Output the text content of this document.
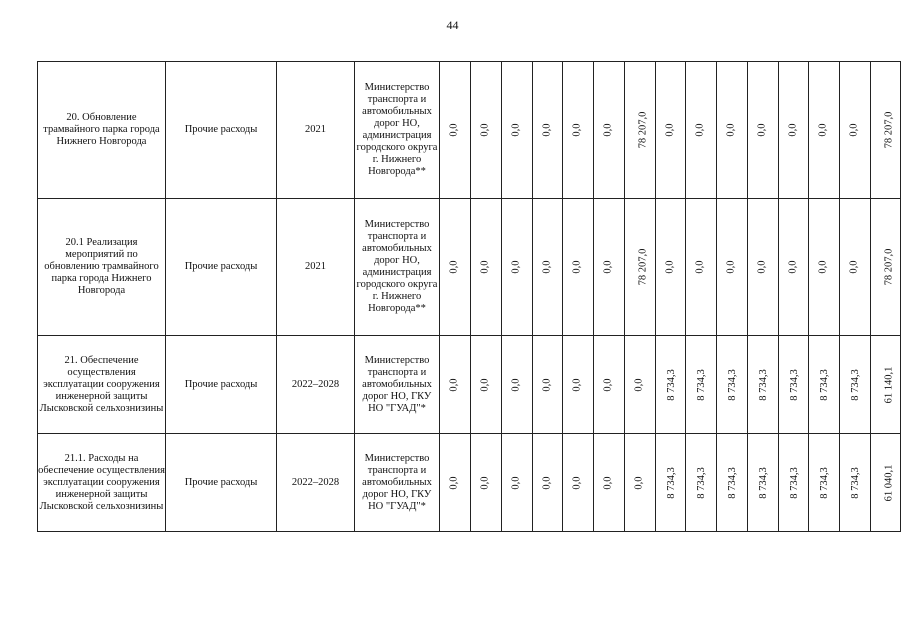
44
20. Обновление трамвайного парка города Нижнего Новгорода	Прочие расходы	2021	Министерство транспорта и автомобильных дорог НО, администрация городского округа г. Нижнего Новгорода**	0,0	0,0	0,0	0,0	0,0	0,0	78 207,0	0,0	0,0	0,0	0,0	0,0	0,0	0,0	78 207,0
20.1 Реализация мероприятий по обновлению трамвайного парка города Нижнего Новгорода	Прочие расходы	2021	Министерство транспорта и автомобильных дорог НО, администрация городского округа г. Нижнего Новгорода**	0,0	0,0	0,0	0,0	0,0	0,0	78 207,0	0,0	0,0	0,0	0,0	0,0	0,0	0,0	78 207,0
21. Обеспечение осуществления эксплуатации сооружения инженерной защиты Лысковской сельхознизины	Прочие расходы	2022–2028	Министерство транспорта и автомобильных дорог НО, ГКУ НО "ГУАД"*	0,0	0,0	0,0	0,0	0,0	0,0	0,0	8 734,3	8 734,3	8 734,3	8 734,3	8 734,3	8 734,3	8 734,3	61 140,1
21.1. Расходы на обеспечение осуществления эксплуатации сооружения инженерной защиты Лысковской сельхознизины	Прочие расходы	2022–2028	Министерство транспорта и автомобильных дорог НО, ГКУ НО "ГУАД"*	0,0	0,0	0,0	0,0	0,0	0,0	0,0	8 734,3	8 734,3	8 734,3	8 734,3	8 734,3	8 734,3	8 734,3	61 040,1
